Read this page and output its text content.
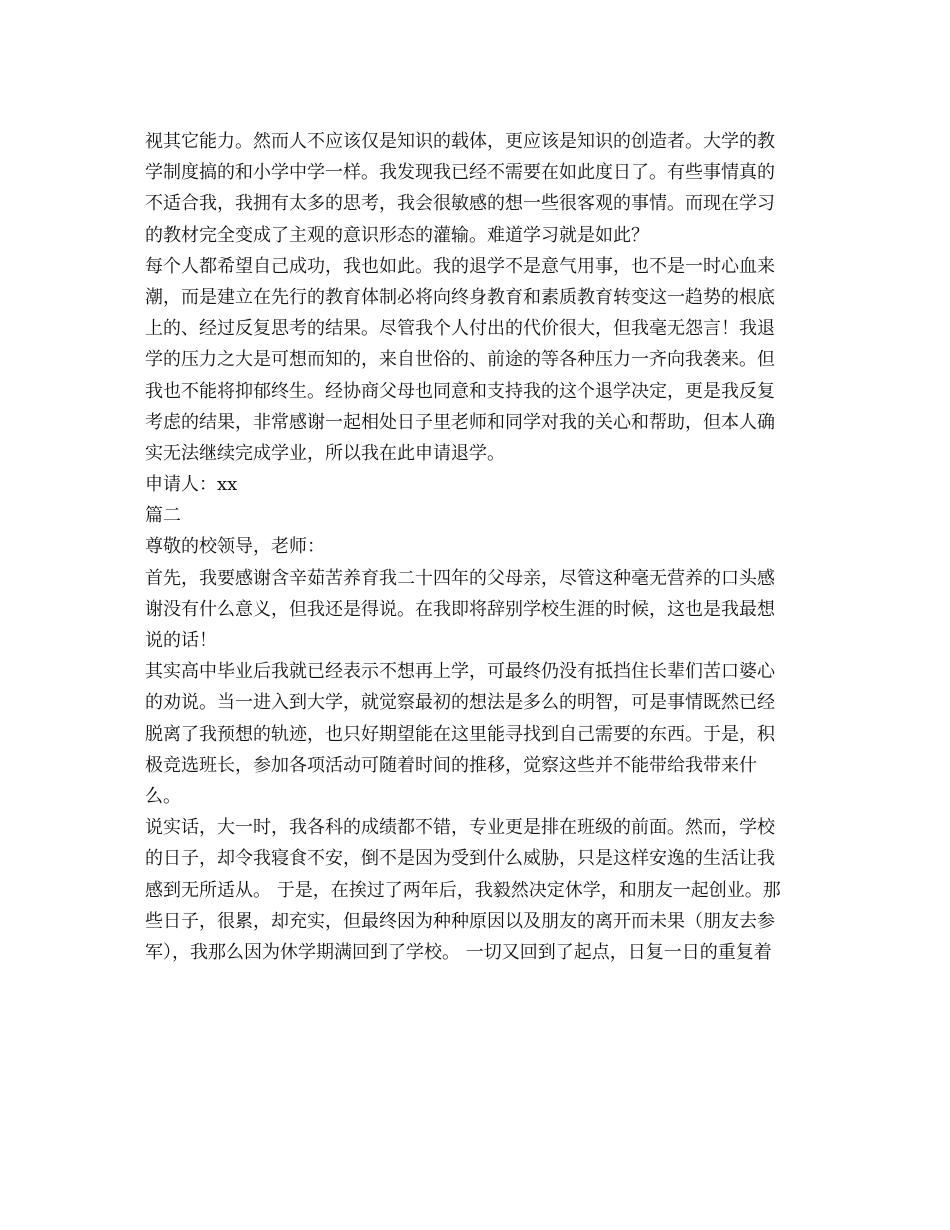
视其它能力。然而人不应该仅是知识的载体，更应该是知识的创造者。大学的教
学制度搞的和小学中学一样。我发现我已经不需要在如此度日了。有些事情真的
不适合我，我拥有太多的思考，我会很敏感的想一些很客观的事情。而现在学习
的教材完全变成了主观的意识形态的灌输。难道学习就是如此？
每个人都希望自己成功，我也如此。我的退学不是意气用事，也不是一时心血来
潮，而是建立在先行的教育体制必将向终身教育和素质教育转变这一趋势的根底
上的、经过反复思考的结果。尽管我个人付出的代价很大，但我毫无怨言！我退
学的压力之大是可想而知的，来自世俗的、前途的等各种压力一齐向我袭来。但
我也不能将抑郁终生。经协商父母也同意和支持我的这个退学决定，更是我反复
考虑的结果，非常感谢一起相处日子里老师和同学对我的关心和帮助，但本人确
实无法继续完成学业，所以我在此申请退学。
申请人：xx
篇二
尊敬的校领导，老师：
首先，我要感谢含辛茹苦养育我二十四年的父母亲，尽管这种毫无营养的口头感
谢没有什么意义，但我还是得说。在我即将辞别学校生涯的时候，这也是我最想
说的话！
其实高中毕业后我就已经表示不想再上学，可最终仍没有抵挡住长辈们苦口婆心
的劝说。当一进入到大学，就觉察最初的想法是多么的明智，可是事情既然已经
脱离了我预想的轨迹，也只好期望能在这里能寻找到自己需要的东西。于是，积
极竞选班长，参加各项活动可随着时间的推移，觉察这些并不能带给我带来什
么。
说实话，大一时，我各科的成绩都不错，专业更是排在班级的前面。然而，学校
的日子，却令我寝食不安，倒不是因为受到什么威胁，只是这样安逸的生活让我
感到无所适从。 于是，在挨过了两年后，我毅然决定休学，和朋友一起创业。那
些日子，很累，却充实，但最终因为种种原因以及朋友的离开而未果（朋友去参
军），我那么因为休学期满回到了学校。 一切又回到了起点，日复一日的重复着
